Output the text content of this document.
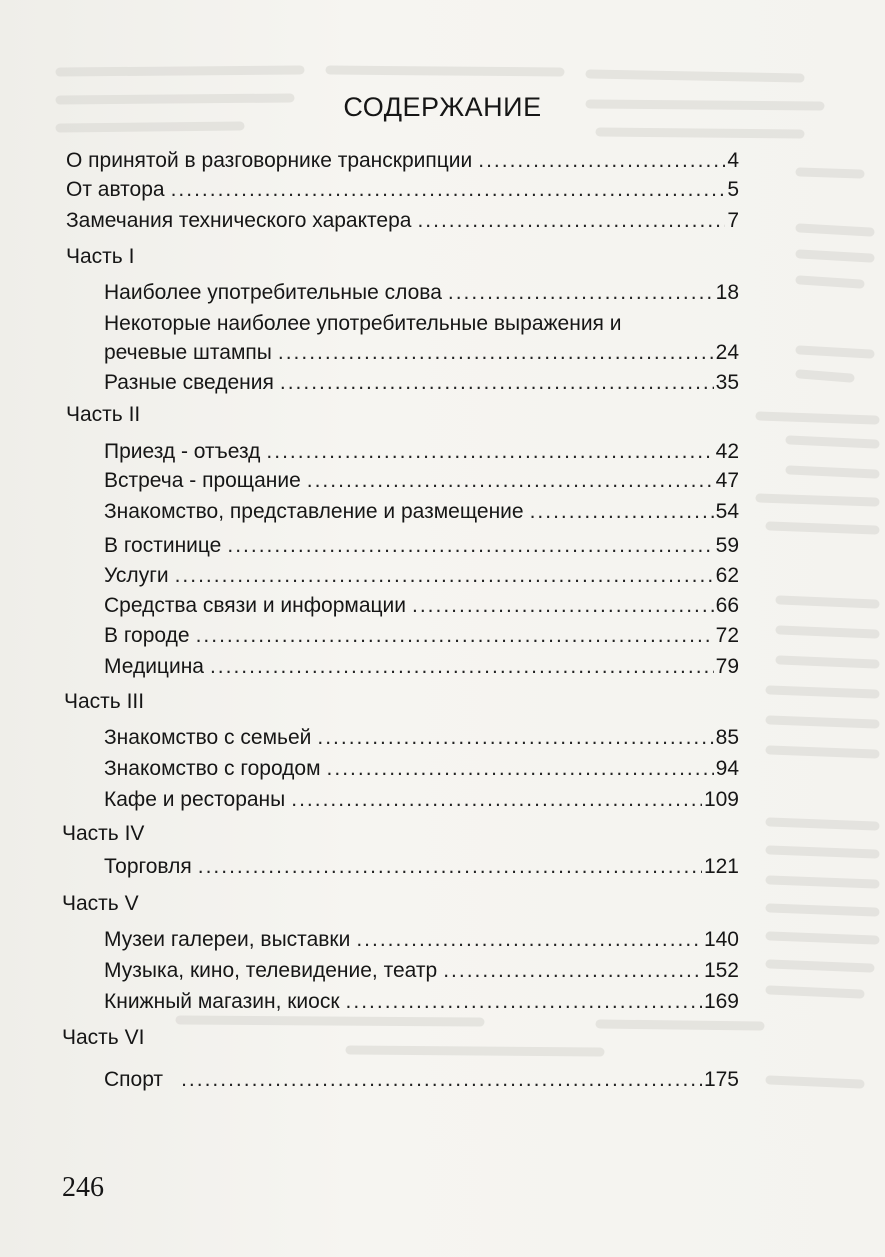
СОДЕРЖАНИЕ
О принятой в разговорнике транскрипции .....	4
От автора .....	5
Замечания технического характера .....	7
Часть I
Наиболее употребительные слова .....	18
Некоторые наиболее употребительные выражения и
речевые штампы .....	24
Разные сведения .....	35
Часть II
Приезд - отъезд .....	42
Встреча - прощание .....	47
Знакомство, представление и размещение .....	54
В гостинице .....	59
Услуги .....	62
Средства связи и информации .....	66
В городе .....	72
Медицина .....	79
Часть III
Знакомство с семьей .....	85
Знакомство с городом .....	94
Кафе и рестораны .....	109
Часть IV
Торговля .....	121
Часть V
Музеи галереи, выставки .....	140
Музыка, кино, телевидение, театр .....	152
Книжный магазин, киоск .....	169
Часть VI
Спорт .....	175
246
